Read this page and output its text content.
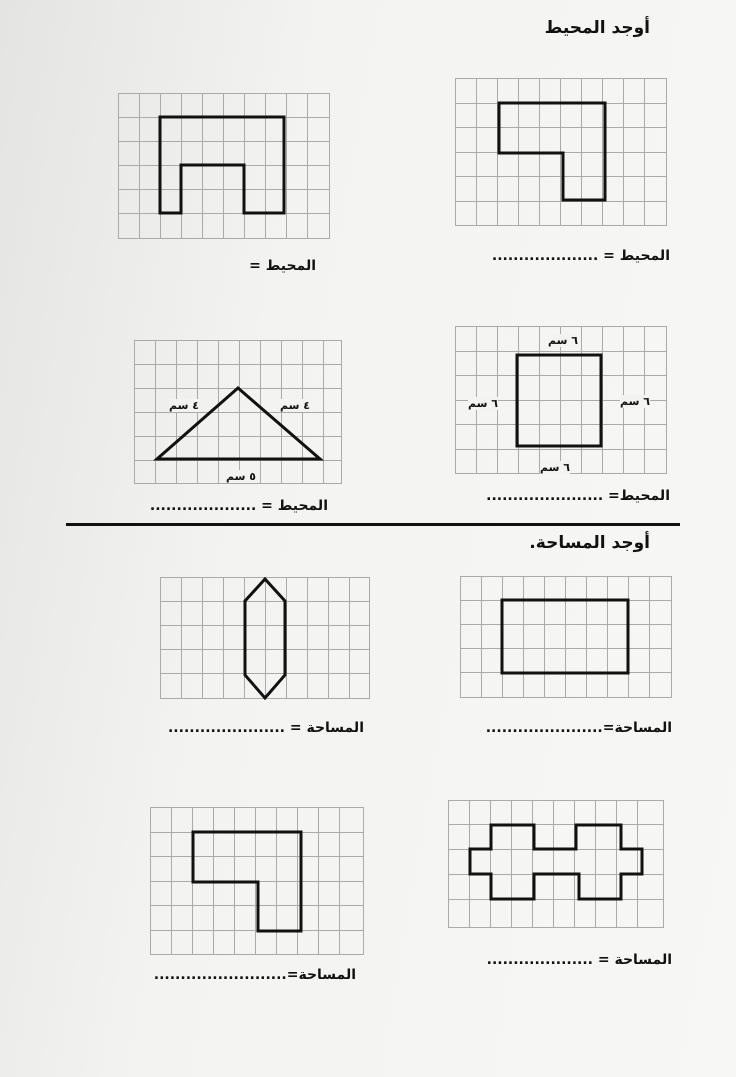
أوجد المحيط
المحيط =
المحيط = ....................
٤ سم	٤ سم
٥ سم
المحيط = ....................
٦ سم
٦ سم	٦ سم
٦ سم
المحيط= ......................
أوجد المساحة.
المساحة = ......................	المساحة=......................
المساحة=.........................
المساحة = ....................
